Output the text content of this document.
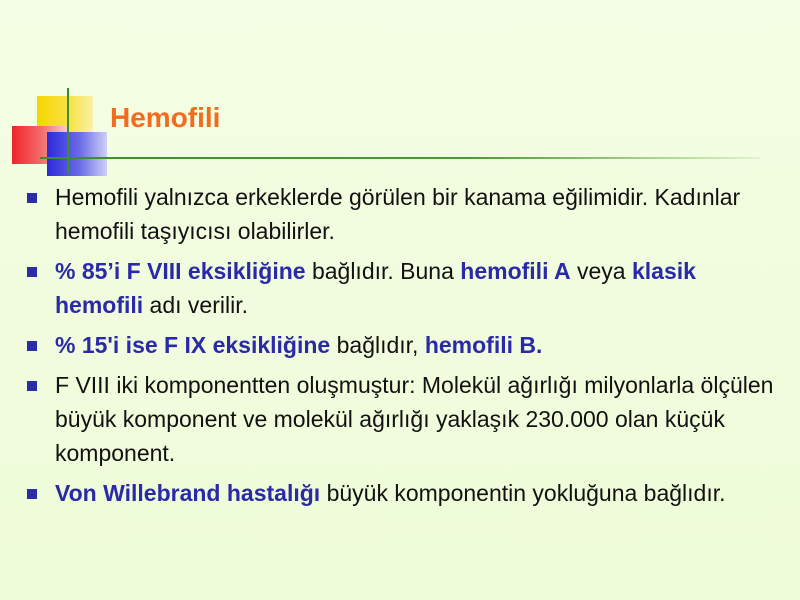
Hemofili
Hemofili yalnızca erkeklerde görülen bir kanama eğilimidir. Kadınlar hemofili taşıyıcısı olabilirler.
% 85’i F VIII eksikliğine bağlıdır. Buna hemofili A veya klasik hemofili adı verilir.
% 15'i ise F IX eksikliğine bağlıdır, hemofili B.
F VIII iki komponentten oluşmuştur: Molekül ağırlığı milyonlarla ölçülen büyük komponent ve molekül ağırlığı yaklaşık 230.000 olan küçük komponent.
Von Willebrand hastalığı büyük komponentin yokluğuna bağlıdır.
